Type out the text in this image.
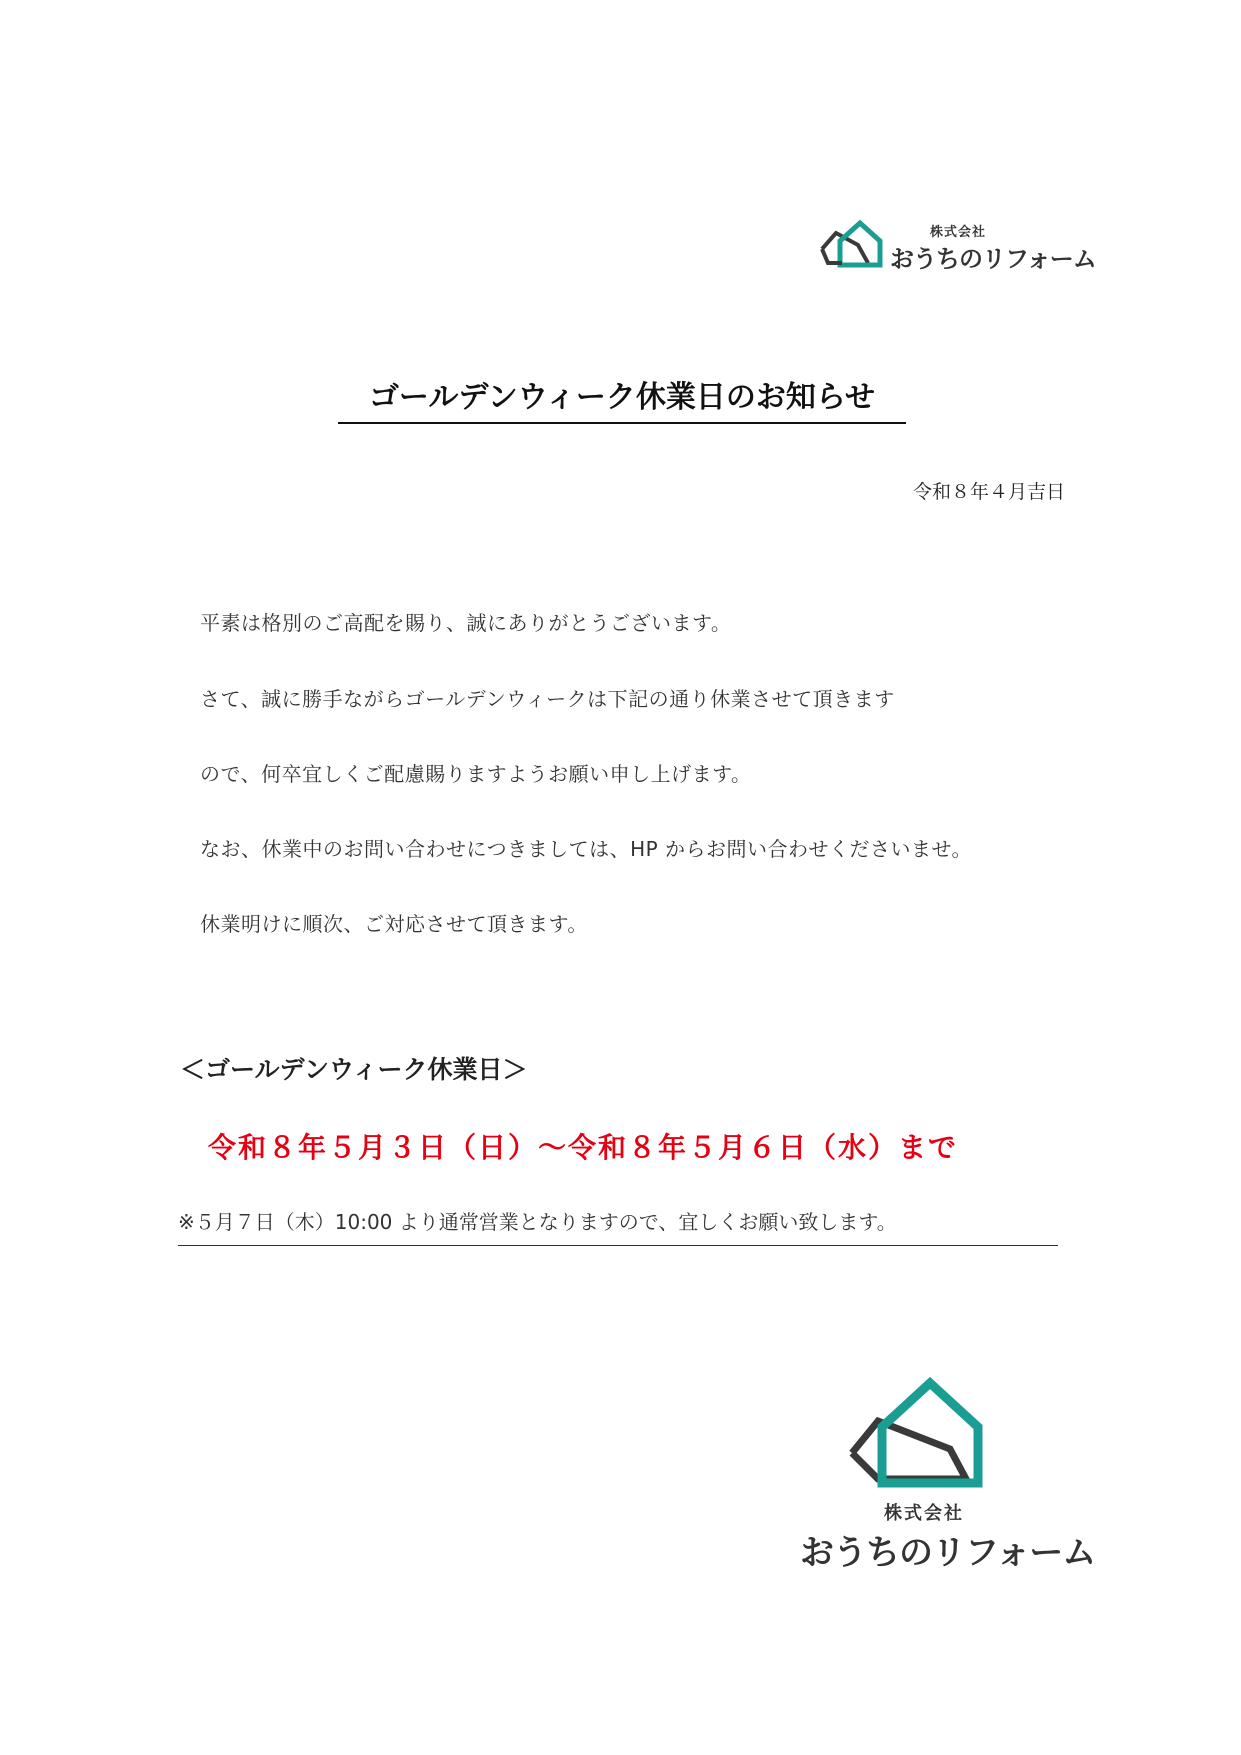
株式会社
おうちのリフォーム
ゴールデンウィーク休業日のお知らせ
令和８年４月吉日
平素は格別のご高配を賜り、誠にありがとうございます。
さて、誠に勝手ながらゴールデンウィークは下記の通り休業させて頂きます
ので、何卒宜しくご配慮賜りますようお願い申し上げます。
なお、休業中のお問い合わせにつきましては、HP からお問い合わせくださいませ。
休業明けに順次、ご対応させて頂きます。
＜ゴールデンウィーク休業日＞
令和８年５月３日（日）～令和８年５月６日（水）まで
※５月７日（木）10:00 より通常営業となりますので、宜しくお願い致します。
株式会社
おうちのリフォーム
